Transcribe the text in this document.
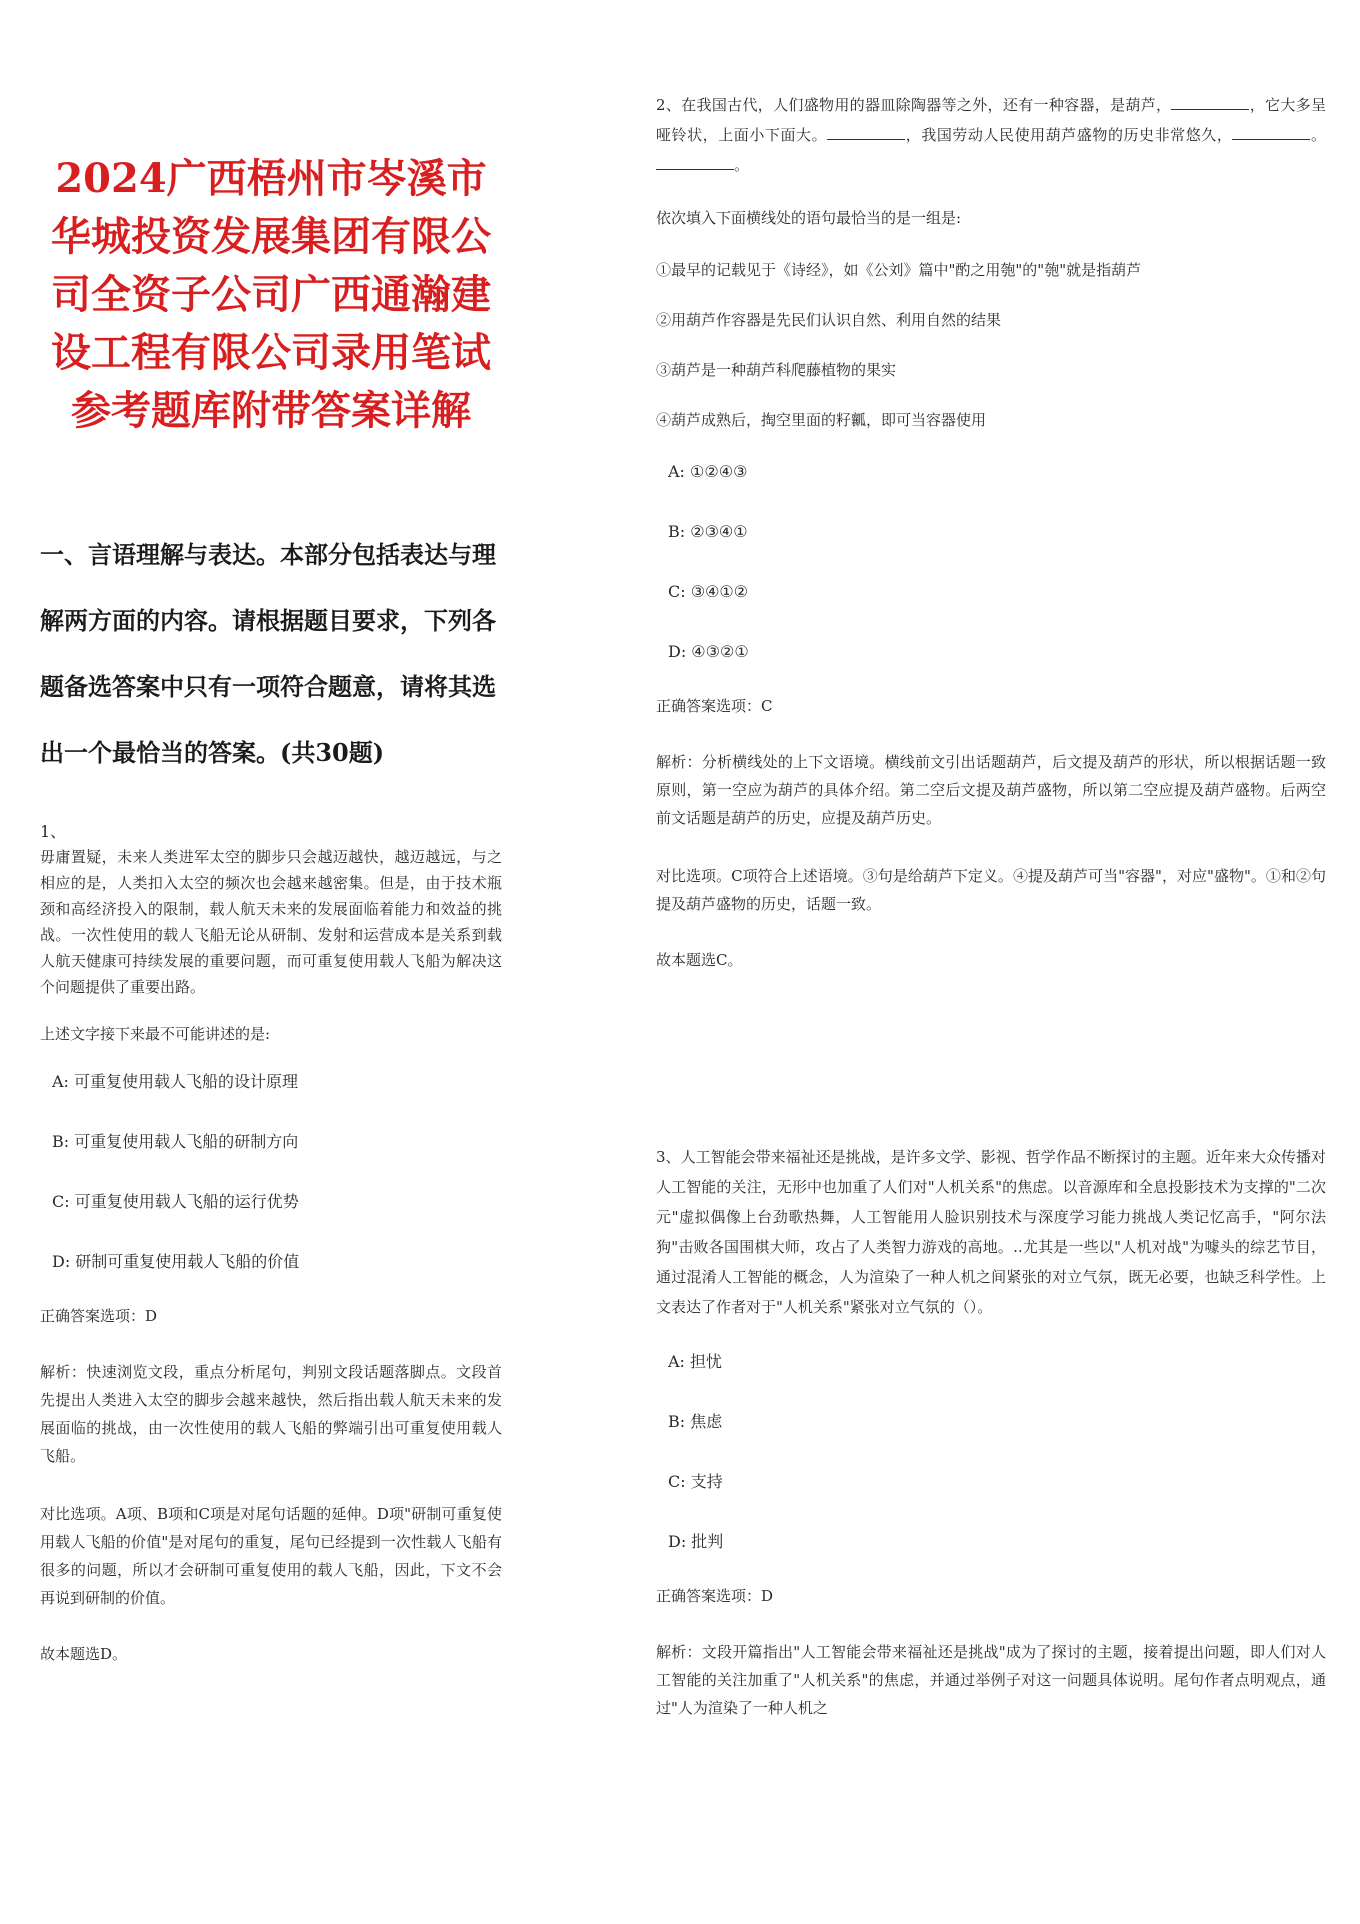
2024广西梧州市岑溪市华城投资发展集团有限公司全资子公司广西通瀚建设工程有限公司录用笔试参考题库附带答案详解
一、言语理解与表达。本部分包括表达与理解两方面的内容。请根据题目要求，下列各题备选答案中只有一项符合题意，请将其选出一个最恰当的答案。(共30题)
1、

毋庸置疑，未来人类进军太空的脚步只会越迈越快，越迈越远，与之相应的是，人类扣入太空的频次也会越来越密集。但是，由于技术瓶颈和高经济投入的限制，载人航天未来的发展面临着能力和效益的挑战。一次性使用的载人飞船无论从研制、发射和运营成本是关系到载人航天健康可持续发展的重要问题，而可重复使用载人飞船为解决这个问题提供了重要出路。

上述文字接下来最不可能讲述的是:
A: 可重复使用载人飞船的设计原理
B: 可重复使用载人飞船的研制方向
C: 可重复使用载人飞船的运行优势
D: 研制可重复使用载人飞船的价值
正确答案选项：D
解析：快速浏览文段，重点分析尾句，判别文段话题落脚点。文段首先提出人类进入太空的脚步会越来越快，然后指出载人航天未来的发展面临的挑战，由一次性使用的载人飞船的弊端引出可重复使用载人飞船。
对比选项。A项、B项和C项是对尾句话题的延伸。D项"研制可重复使用载人飞船的价值"是对尾句的重复，尾句已经提到一次性载人飞船有很多的问题，所以才会研制可重复使用的载人飞船，因此，下文不会再说到研制的价值。
故本题选D。

2、在我国古代，人们盛物用的器皿除陶器等之外，还有一种容器，是葫芦，	，它大多呈哑铃状，上面小下面大。	，我国劳动人民使用葫芦盛物的历史非常悠久，	。。

依次填入下面横线处的语句最恰当的是一组是:
①最早的记载见于《诗经》，如《公刘》篇中"酌之用匏"的"匏"就是指葫芦
②用葫芦作容器是先民们认识自然、利用自然的结果
③葫芦是一种葫芦科爬藤植物的果实
④葫芦成熟后，掏空里面的籽瓤，即可当容器使用
A: ①②④③
B: ②③④①
C: ③④①②
D: ④③②①
正确答案选项：C
解析：分析横线处的上下文语境。横线前文引出话题葫芦，后文提及葫芦的形状，所以根据话题一致原则，第一空应为葫芦的具体介绍。第二空后文提及葫芦盛物，所以第二空应提及葫芦盛物。后两空前文话题是葫芦的历史，应提及葫芦历史。
对比选项。C项符合上述语境。③句是给葫芦下定义。④提及葫芦可当"容器"，对应"盛物"。①和②句提及葫芦盛物的历史，话题一致。
故本题选C。

3、人工智能会带来福祉还是挑战，是许多文学、影视、哲学作品不断探讨的主题。近年来大众传播对人工智能的关注，无形中也加重了人们对"人机关系"的焦虑。以音源库和全息投影技术为支撑的"二次元"虚拟偶像上台劲歌热舞，人工智能用人脸识别技术与深度学习能力挑战人类记忆高手，"阿尔法狗"击败各国围棋大师，攻占了人类智力游戏的高地。..尤其是一些以"人机对战"为噱头的综艺节目，通过混淆人工智能的概念，人为渲染了一种人机之间紧张的对立气氛，既无必要，也缺乏科学性。上文表达了作者对于"人机关系"紧张对立气氛的（）。

A: 担忧
B: 焦虑
C: 支持
D: 批判
正确答案选项：D
解析：文段开篇指出"人工智能会带来福祉还是挑战"成为了探讨的主题，接着提出问题，即人们对人工智能的关注加重了"人机关系"的焦虑，并通过举例子对这一问题具体说明。尾句作者点明观点，通过"人为渲染了一种人机之
